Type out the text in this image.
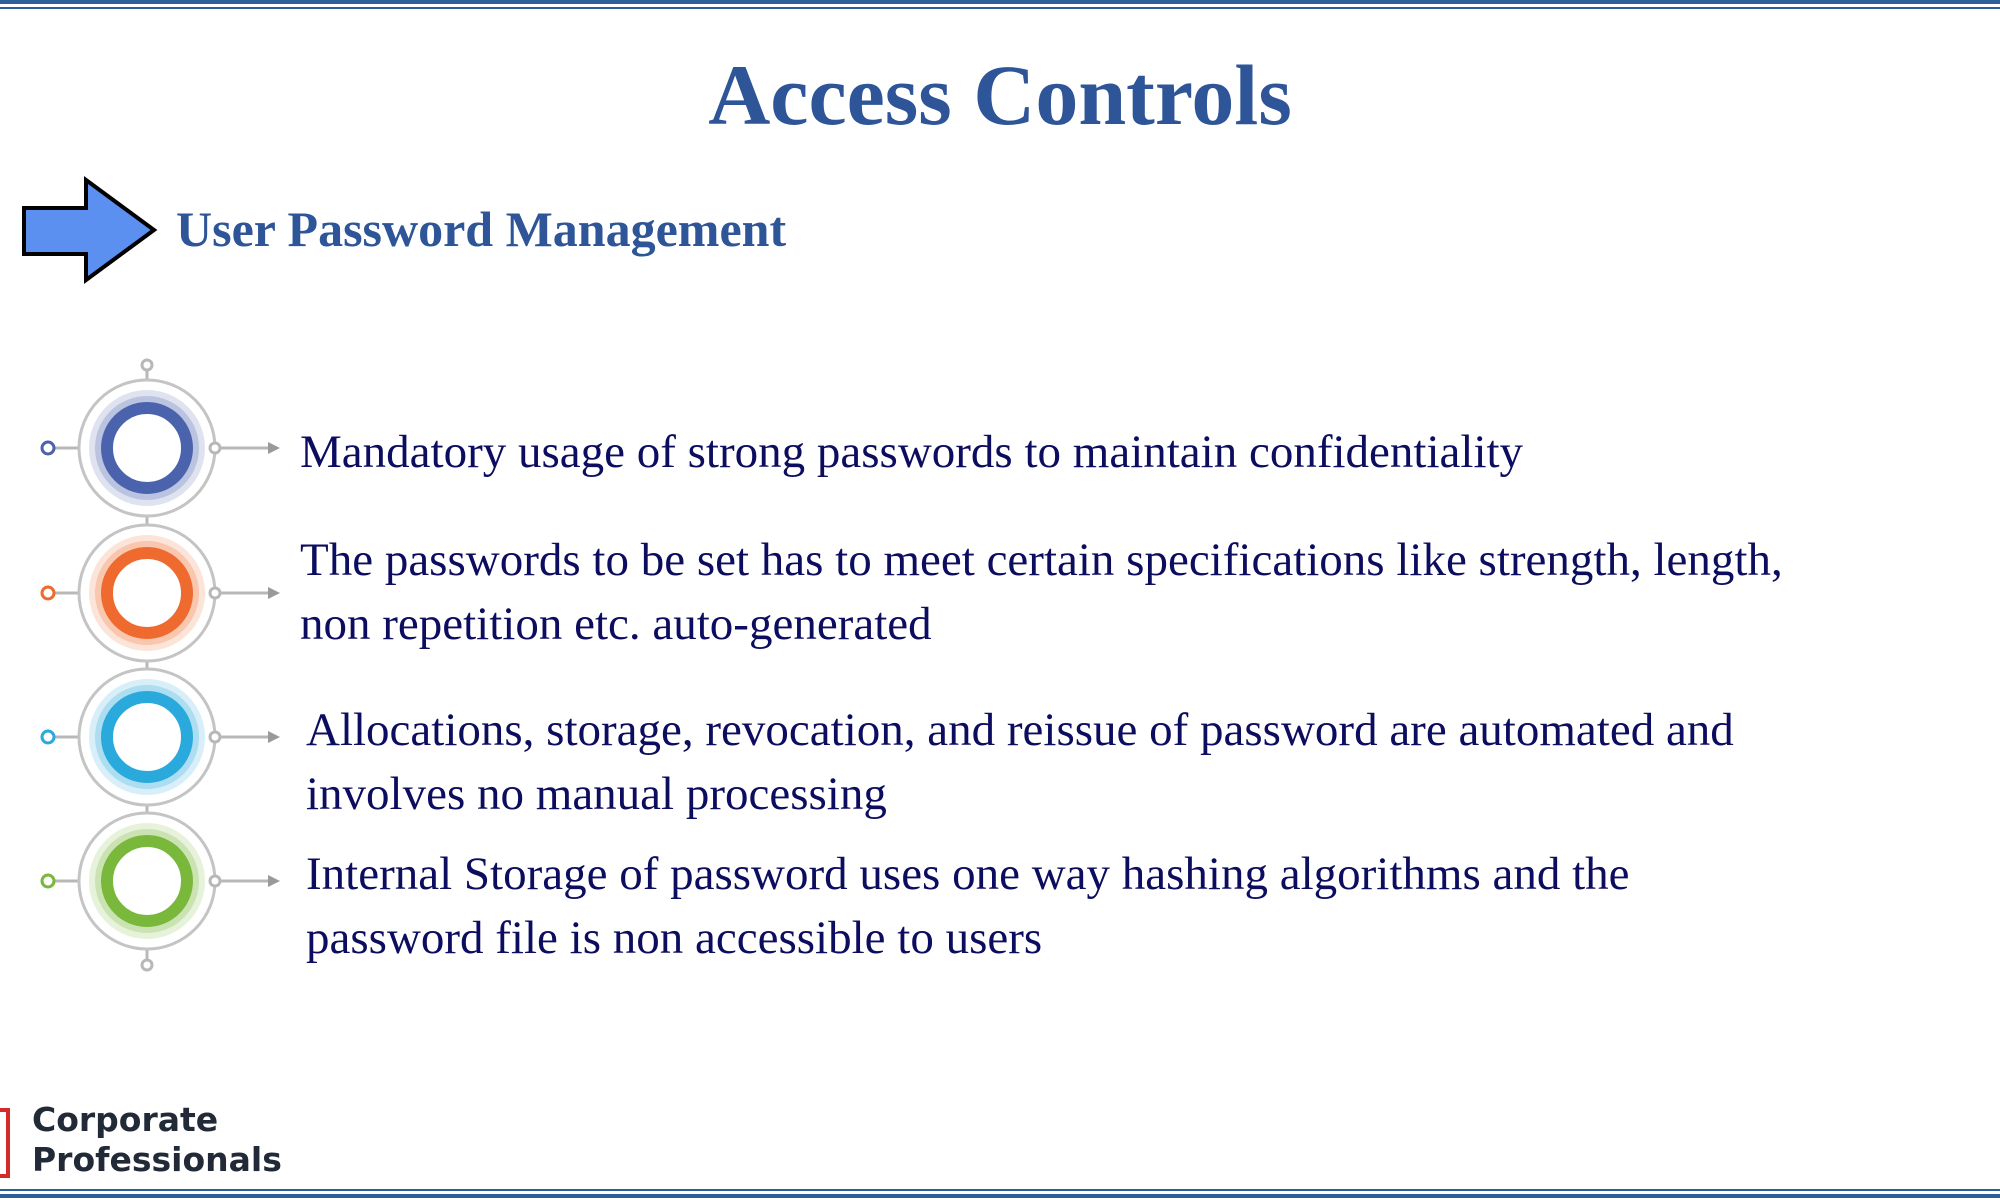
Access Controls
User Password Management
Mandatory usage of strong passwords to maintain confidentiality
The passwords to be set has to meet certain specifications like strength, length,
non repetition etc. auto-generated
Allocations, storage, revocation, and reissue of password are automated and
involves no manual processing
Internal Storage of password uses one way hashing algorithms and the
password file is non accessible to users
Corporate
Professionals
